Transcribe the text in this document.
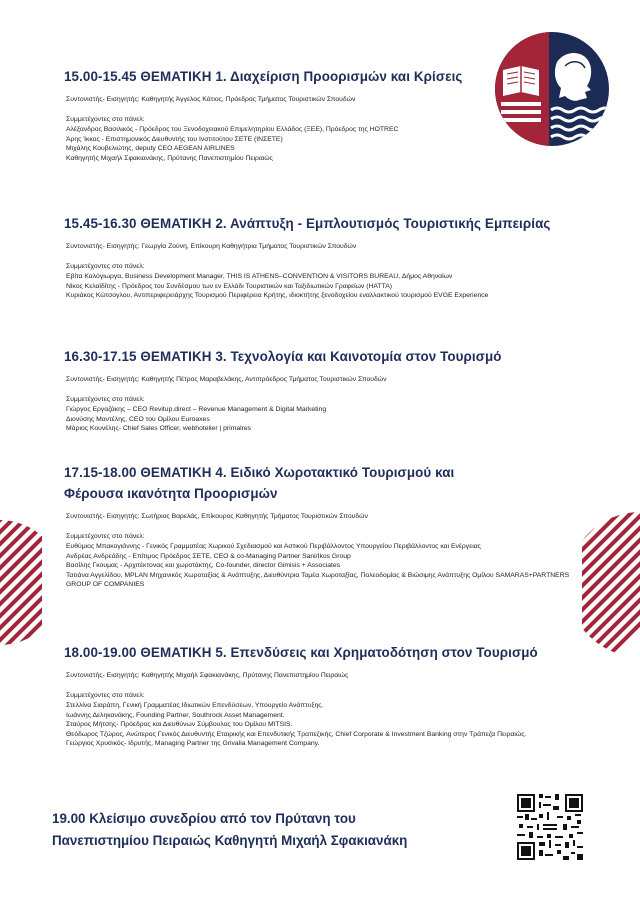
15.00-15.45 ΘΕΜΑΤΙΚΗ 1. Διαχείριση Προορισμών και Κρίσεις
Συντονιστής- Εισηγητής: Καθηγητής Άγγελος Κάτιος, Πρόεδρος Τμήματος Τουριστικών Σπουδών
Συμμετέχοντες στο πάνελ:
Αλέξανδρος Βασιλικός - Πρόεδρος του Ξενοδοχειακού Επιμελητηρίου Ελλάδος (ΞΕΕ), Πρόεδρος της HOTREC
Άρης Ίκκος - Επιστημονικός Διευθυντής του Ινστιτούτου ΣΕΤΕ (ΙΝΣΕΤΕ)
Μιχάλης Κουβελιώτης, deputy CEO AEGEAN AIRLINES
Καθηγητής Μιχαήλ Σφακιανάκης, Πρύτανης Πανεπιστημίου Πειραιώς
15.45-16.30 ΘΕΜΑΤΙΚΗ 2. Ανάπτυξη - Εμπλουτισμός Τουριστικής Εμπειρίας
Συντονιστής- Εισηγητής: Γεωργία Ζούνη, Επίκουρη Καθηγήτρια Τμήματος Τουριστικών Σπουδών
Συμμετέχοντες στο πάνελ:
Εβίτα Καλόγιωργα, Business Development Manager, THIS IS ATHENS–CONVENTION & VISITORS BUREAU, Δήμος Αθηναίων
Νίκος Κελαϊδίτης - Πρόεδρος του Συνδέσμου των εν Ελλάδι Τουριστικών και Ταξιδιωτικών Γραφείων (HATTA)
Κυριάκος Κώτσογλου, Αντιπεριφερειάρχης Τουρισμού Περιφέρεια Κρήτης, ιδιοκτήτης ξενοδοχείου εναλλακτικού τουρισμού EVGE Experience
16.30-17.15 ΘΕΜΑΤΙΚΗ 3. Τεχνολογία και Καινοτομία στον Τουρισμό
Συντονιστής- Εισηγητής: Καθηγητής Πέτρος Μαραβελάκης, Αντιπρόεδρος Τμήματος Τουριστικών Σπουδών
Συμμετέχοντες στο πάνελ:
Γιώργος Εργαζάκης – CEO Revitup.direct – Revenue Management & Digital Marketing
Διονύσης Μαντέλης, CEO του Ομίλου Euroaxes
Μάριος Κουνέλης- Chief Sales Officer, webhotelier | primalres
17.15-18.00 ΘΕΜΑΤΙΚΗ 4. Ειδικό Χωροτακτικό Τουρισμού και Φέρουσα ικανότητα Προορισμών
Συντονιστής- Εισηγητής: Σωτήριος Βαρελάς, Επίκουρος Καθηγητής Τμήματος Τουριστικών Σπουδών
Συμμετέχοντες στο πάνελ:
Ευθύμιος Μπακογιάννης - Γενικός Γραμματέας Χωρικού Σχεδιασμού και Αστικού Περιβάλλοντος Υπουργείου Περιβάλλοντος και Ενέργειας
Ανδρέας Ανδρεάδης - Επίτιμος Πρόεδρος ΣΕΤΕ, CEO & co-Managing Partner Sani/Ikos Group
Βασίλης Γκουμας - Αρχιτέκτονας και χωροτάκτης, Co-founder, director Gimisis + Associates
Τατιάνα Αγγελίδου, MPLAN Μηχανικός Χωροταξίας & Ανάπτυξης, Διευθύντρια Τομέα Χωροταξίας, Πολεοδομίας & Βιώσιμης Ανάπτυξης Ομίλου SAMARAS+PARTNERS GROUP OF COMPANIES
18.00-19.00 ΘΕΜΑΤΙΚΗ 5. Επενδύσεις και Χρηματοδότηση στον Τουρισμό
Συντονιστής- Εισηγητής: Καθηγητής Μιχαήλ Σφακιανάκης, Πρύτανης Πανεπιστημίου Πειραιώς
Συμμετέχοντες στο πάνελ:
Στελλίνα Σιαράπη, Γενική Γραμματέας Ιδιωτικών Επενδύσεων, Υπουργείο Ανάπτυξης.
Ιωάννης Δεληκανάκης, Founding Partner, Southrock Asset Management.
Σταύρος Μήτσης- Πρόεδρος και Διευθύνων Σύμβουλος του Ομίλου MITSIS.
Θεόδωρος Τζώρος, Ανώτερος Γενικός Διευθυντής Εταιρικής και Επενδυτικής Τραπεζικής, Chief Corporate & Investment Banking στην Τράπεζα Πειραιώς.
Γεώργιος Χρυσικός- Ιδρυτής, Managing Partner της Grivalia Management Company.
19.00 Κλείσιμο συνεδρίου από τον Πρύτανη του
Πανεπιστημίου Πειραιώς Καθηγητή Μιχαήλ Σφακιανάκη
